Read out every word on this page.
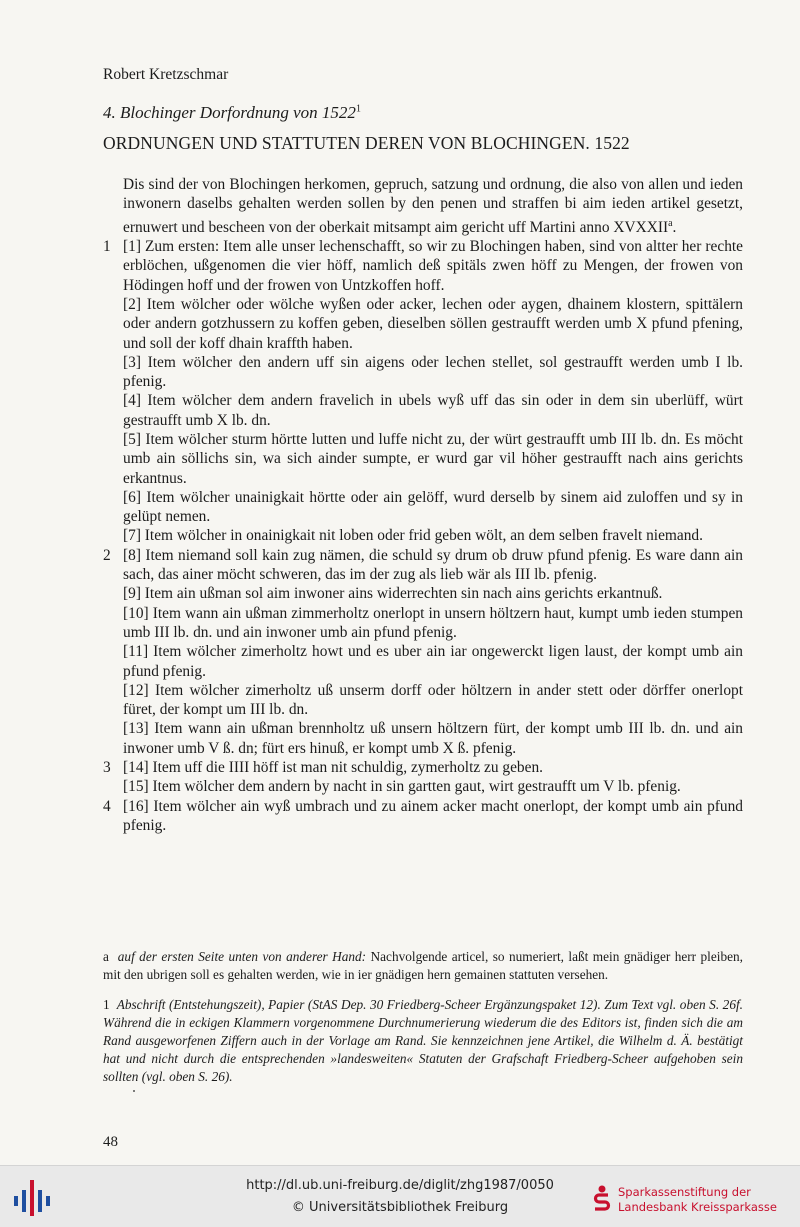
Robert Kretzschmar
4. Blochinger Dorfordnung von 1522$^1$
ORDNUNGEN UND STATTUTEN DEREN VON BLOCHINGEN. 1522

Dis sind der von Blochingen herkomen, gepruch, satzung und ordnung, die also von allen und ieden inwonern daselbs gehalten werden sollen by den penen und straffen bi aim ieden artikel gesetzt, ernuwert und bescheen von der oberkait mitsampt aim gericht uff Martini anno XVXXII$^a$.

1 [1] Zum ersten: Item alle unser lechenschafft, so wir zu Blochingen haben, sind von altter her rechte erblöchen, ußgenomen die vier höff, namlich deß spitäls zwen höff zu Mengen, der frowen von Hödingen hoff und der frowen von Untzkoffen hoff.

[2] Item wölcher oder wölche wyßen oder acker, lechen oder aygen, dhainem klostern, spittälern oder andern gotzhussern zu koffen geben, dieselben söllen gestraufft werden umb X pfund pfening, und soll der koff dhain kraffth haben.

[3] Item wölcher den andern uff sin aigens oder lechen stellet, sol gestraufft werden umb I lb. pfenig.

[4] Item wölcher dem andern fravelich in ubels wyß uff das sin oder in dem sin uberlüff, würt gestraufft umb X lb. dn.

[5] Item wölcher sturm hörtte lutten und luffe nicht zu, der würt gestraufft umb III lb. dn. Es möcht umb ain söllichs sin, wa sich ainder sumpte, er wurd gar vil höher gestraufft nach ains gerichts erkantnus.

[6] Item wölcher unainigkait hörtte oder ain gelöff, wurd derselb by sinem aid zuloffen und sy in gelüpt nemen.

[7] Item wölcher in onainigkait nit loben oder frid geben wölt, an dem selben fravelt niemand.

2 [8] Item niemand soll kain zug nämen, die schuld sy drum ob druw pfund pfenig. Es ware dann ain sach, das ainer möcht schweren, das im der zug als lieb wär als III lb. pfenig.

[9] Item ain ußman sol aim inwoner ains widerrechten sin nach ains gerichts erkantnuß.

[10] Item wann ain ußman zimmerholtz onerlopt in unsern höltzern haut, kumpt umb ieden stumpen umb III lb. dn. und ain inwoner umb ain pfund pfenig.

[11] Item wölcher zimerholtz howt und es uber ain iar ongewerckt ligen laust, der kompt umb ain pfund pfenig.

[12] Item wölcher zimerholtz uß unserm dorff oder höltzern in ander stett oder dörffer onerlopt füret, der kompt um III lb. dn.

[13] Item wann ain ußman brennholtz uß unsern höltzern fürt, der kompt umb III lb. dn. und ain inwoner umb V ß. dn; fürt ers hinuß, er kompt umb X ß. pfenig.

3 [14] Item uff die IIII höff ist man nit schuldig, zymerholtz zu geben.

[15] Item wölcher dem andern by nacht in sin gartten gaut, wirt gestraufft um V lb. pfenig.

4 [16] Item wölcher ain wyß umbrach und zu ainem acker macht onerlopt, der kompt umb ain pfund pfenig.

a auf der ersten Seite unten von anderer Hand: Nachvolgende articel, so numeriert, laßt mein gnädiger herr pleiben, mit den ubrigen soll es gehalten werden, wie in ier gnädigen hern gemainen stattuten versehen.
1 Abschrift (Entstehungszeit), Papier (StAS Dep. 30 Friedberg-Scheer Ergänzungspaket 12). Zum Text vgl. oben S. 26f. Während die in eckigen Klammern vorgenommene Durchnumerierung wiederum die des Editors ist, finden sich die am Rand ausgeworfenen Ziffern auch in der Vorlage am Rand. Sie kennzeichnen jene Artikel, die Wilhelm d. Ä. bestätigt hat und nicht durch die entsprechenden »landesweiten« Statuten der Grafschaft Friedberg-Scheer aufgehoben sein sollten (vgl. oben S. 26).
48
http://dl.ub.uni-freiburg.de/diglit/zhg1987/0050
© Universitätsbibliothek Freiburg
Sparkassenstiftung der
Landesbank Kreissparkasse
